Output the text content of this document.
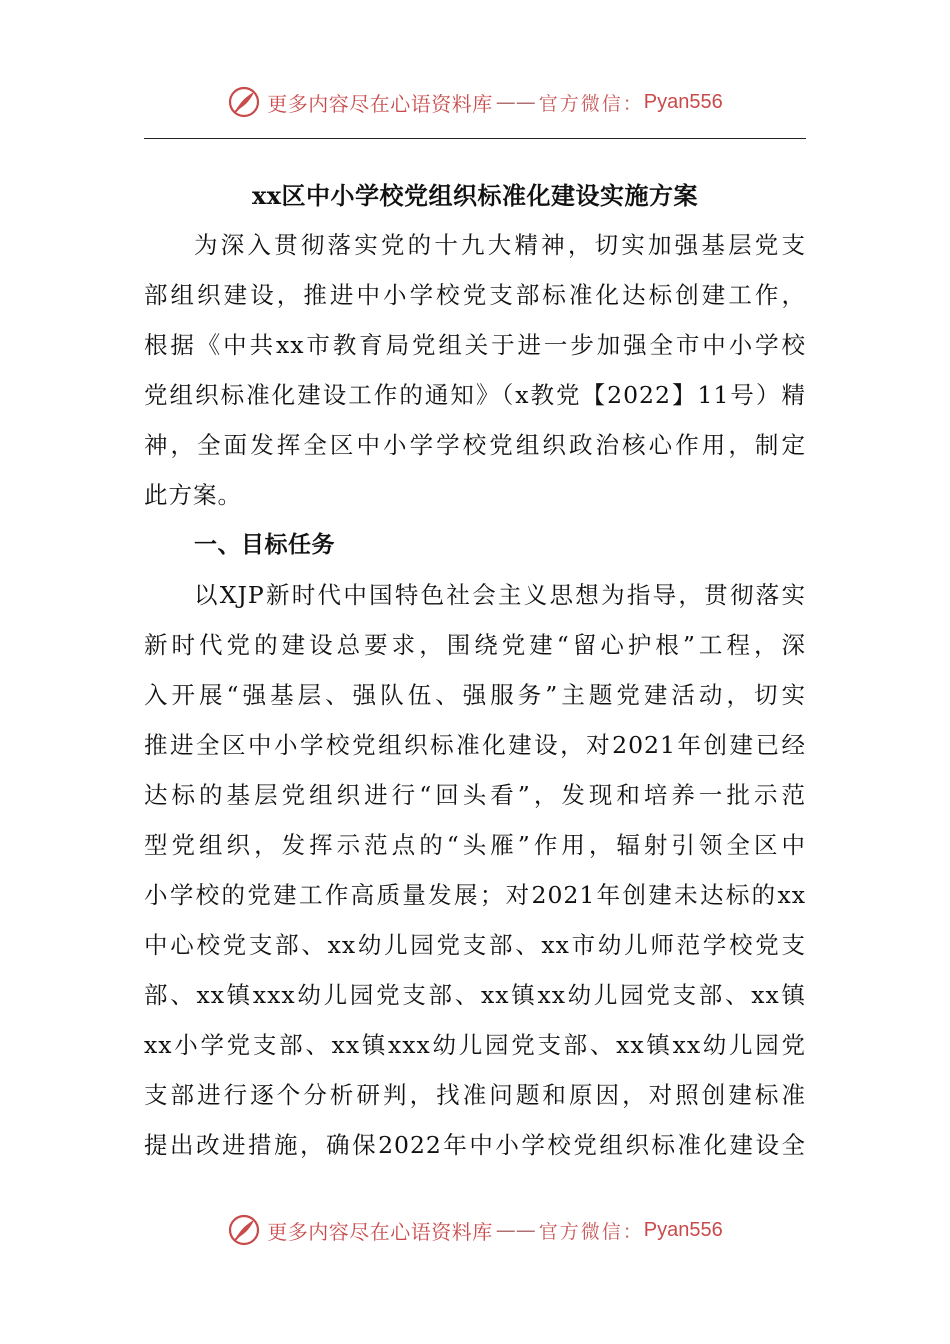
更多内容尽在心语资料库 —— 官方微信： Pyan556
xx区中小学校党组织标准化建设实施方案
为深入贯彻落实党的十九大精神，切实加强基层党支
部组织建设，推进中小学校党支部标准化达标创建工作，
根据《中共xx市教育局党组关于进一步加强全市中小学校
党组织标准化建设工作的通知》（x教党【2022】11号）精
神，全面发挥全区中小学学校党组织政治核心作用，制定
此方案。
一、目标任务
以XJP新时代中国特色社会主义思想为指导，贯彻落实
新时代党的建设总要求，围绕党建“留心护根”工程，深
入开展“强基层、强队伍、强服务”主题党建活动，切实
推进全区中小学校党组织标准化建设，对2021年创建已经
达标的基层党组织进行“回头看”，发现和培养一批示范
型党组织，发挥示范点的“头雁”作用，辐射引领全区中
小学校的党建工作高质量发展；对2021年创建未达标的xx
中心校党支部、xx幼儿园党支部、xx市幼儿师范学校党支
部、xx镇xxx幼儿园党支部、xx镇xx幼儿园党支部、xx镇
xx小学党支部、xx镇xxx幼儿园党支部、xx镇xx幼儿园党
支部进行逐个分析研判，找准问题和原因，对照创建标准
提出改进措施，确保2022年中小学校党组织标准化建设全
更多内容尽在心语资料库 —— 官方微信： Pyan556
